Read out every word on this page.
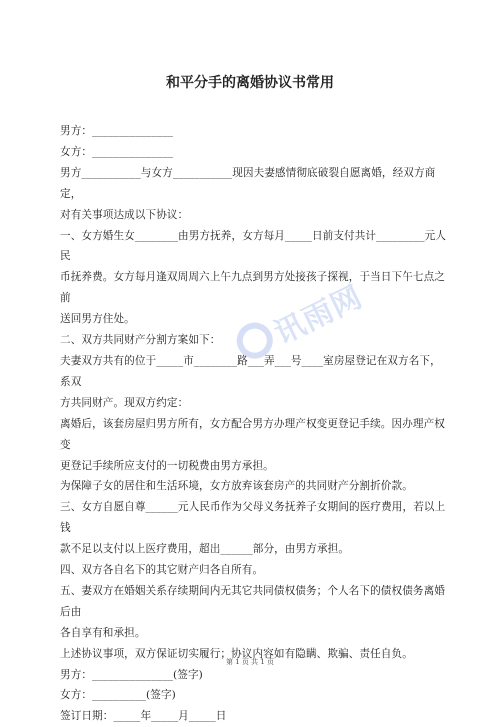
和平分手的离婚协议书常用

男方：_______________

女方：_______________

男方___________与女方___________现因夫妻感情彻底破裂自愿离婚，经双方商定，

对有关事项达成以下协议：

一、女方婚生女________由男方抚养，女方每月_____日前支付共计_________元人民

币抚养费。女方每月逢双周周六上午九点到男方处接孩子探视，于当日下午七点之前

送回男方住处。

二、双方共同财产分割方案如下：

夫妻双方共有的位于_____市________路___弄___号____室房屋登记在双方名下，系双

方共同财产。现双方约定：

离婚后，该套房屋归男方所有，女方配合男方办理产权变更登记手续。因办理产权变

更登记手续所应支付的一切税费由男方承担。

为保障子女的居住和生活环境，女方放弃该套房产的共同财产分割折价款。

三、女方自愿自尊______元人民币作为父母义务抚养子女期间的医疗费用，若以上钱

款不足以支付以上医疗费用，超出______部分，由男方承担。

四、双方各自名下的其它财产归各自所有。

五、妻双方在婚姻关系存续期间内无其它共同债权债务；个人名下的债权债务离婚后由

各自享有和承担。

上述协议事项，双方保证切实履行；协议内容如有隐瞒、欺骗、责任自负。

男方：_______________(签字)

女方：__________(签字)

签订日期：_____年_____月_____日

讯雨网
第 1 页 共 1 页
